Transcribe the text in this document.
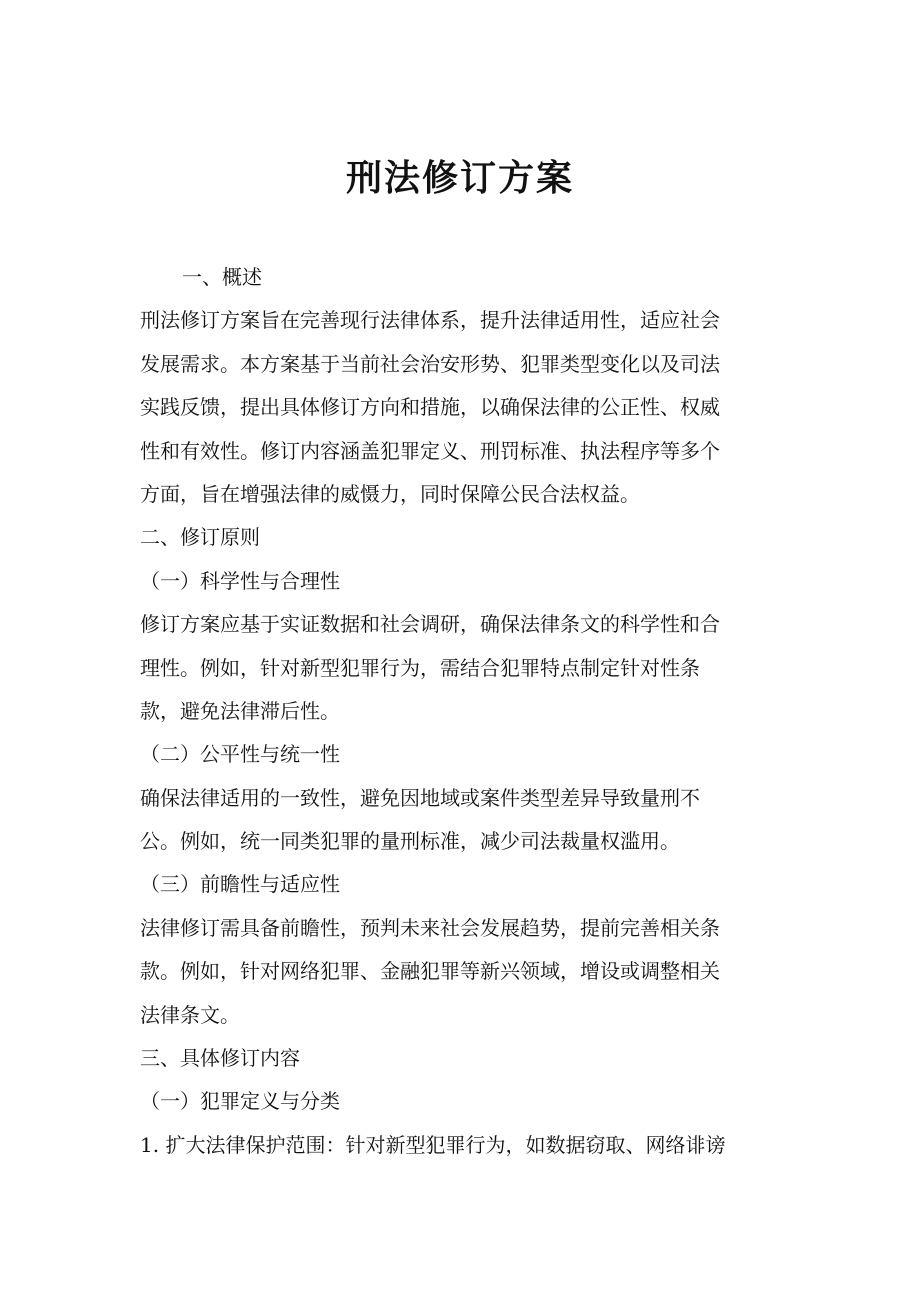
刑法修订方案
一、概述
刑法修订方案旨在完善现行法律体系，提升法律适用性，适应社会
发展需求。本方案基于当前社会治安形势、犯罪类型变化以及司法
实践反馈，提出具体修订方向和措施，以确保法律的公正性、权威
性和有效性。修订内容涵盖犯罪定义、刑罚标准、执法程序等多个
方面，旨在增强法律的威慑力，同时保障公民合法权益。
二、修订原则
（一）科学性与合理性
修订方案应基于实证数据和社会调研，确保法律条文的科学性和合
理性。例如，针对新型犯罪行为，需结合犯罪特点制定针对性条
款，避免法律滞后性。
（二）公平性与统一性
确保法律适用的一致性，避免因地域或案件类型差异导致量刑不
公。例如，统一同类犯罪的量刑标准，减少司法裁量权滥用。
（三）前瞻性与适应性
法律修订需具备前瞻性，预判未来社会发展趋势，提前完善相关条
款。例如，针对网络犯罪、金融犯罪等新兴领域，增设或调整相关
法律条文。
三、具体修订内容
（一）犯罪定义与分类
1. 扩大法律保护范围：针对新型犯罪行为，如数据窃取、网络诽谤
